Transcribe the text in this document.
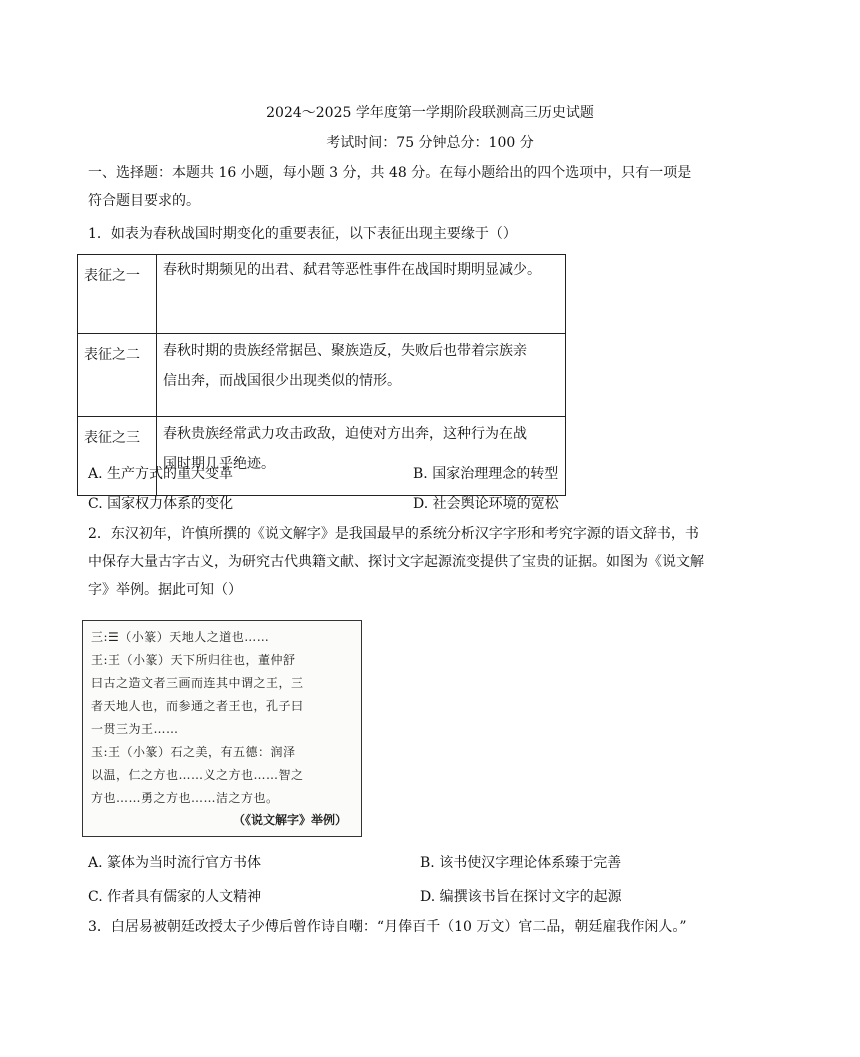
2024～2025 学年度第一学期阶段联测高三历史试题
考试时间：75 分钟总分：100 分
一、选择题：本题共 16 小题，每小题 3 分，共 48 分。在每小题给出的四个选项中，只有一项是
符合题目要求的。
1．如表为春秋战国时期变化的重要表征，以下表征出现主要缘于（）
表征之一	春秋时期频见的出君、弑君等恶性事件在战国时期明显减少。

表征之二	春秋时期的贵族经常据邑、聚族造反，失败后也带着宗族亲
信出奔，而战国很少出现类似的情形。

表征之三	春秋贵族经常武力攻击政敌，迫使对方出奔，这种行为在战
国时期几乎绝迹。
A. 生产方式的重大变革	B. 国家治理理念的转型
C. 国家权力体系的变化	D. 社会舆论环境的宽松
2．东汉初年，许慎所撰的《说文解字》是我国最早的系统分析汉字字形和考究字源的语文辞书，书
中保存大量古字古义，为研究古代典籍文献、探讨文字起源流变提供了宝贵的证据。如图为《说文解
字》举例。据此可知（）
三:☰（小篆）天地人之道也……
王:王（小篆）天下所归往也，董仲舒
曰古之造文者三画而连其中谓之王，三
者天地人也，而参通之者王也，孔子曰
一贯三为王……
玉:王（小篆）石之美，有五德：润泽
以温，仁之方也……义之方也……智之
方也……勇之方也……洁之方也。
（《说文解字》举例）
A. 篆体为当时流行官方书体	B. 该书使汉字理论体系臻于完善
C. 作者具有儒家的人文精神	D. 编撰该书旨在探讨文字的起源
3．白居易被朝廷改授太子少傅后曾作诗自嘲：“月俸百千（10 万文）官二品，朝廷雇我作闲人。”
